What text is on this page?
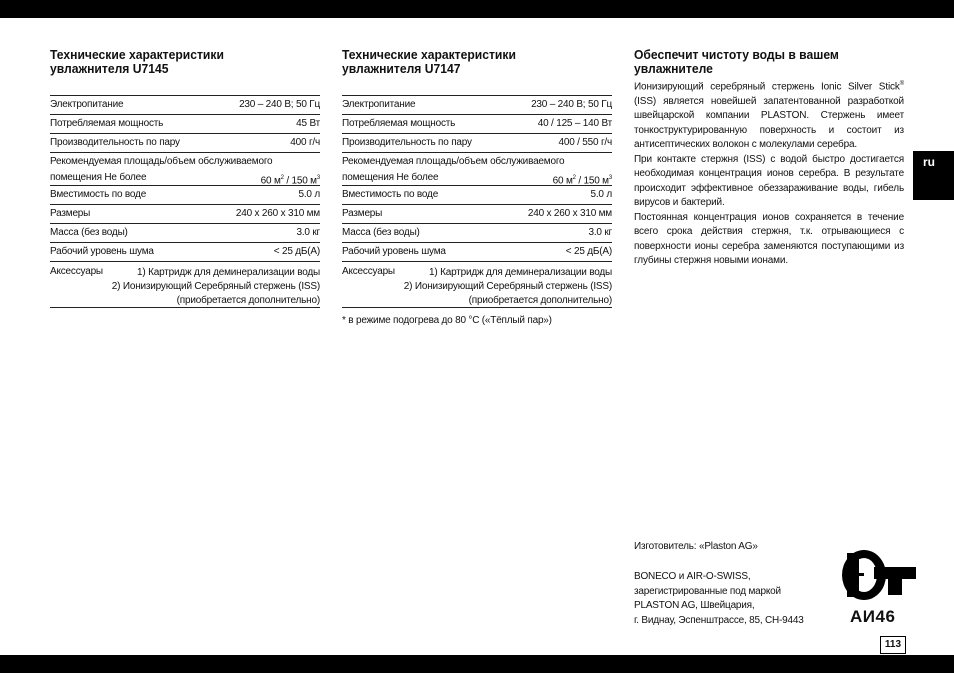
Технические характеристики
увлажнителя U7145
Электропитание	230 – 240 В; 50 Гц
Потребляемая мощность	45 Вт
Производительность по пару	400 г/ч
Рекомендуемая площадь/объем обслуживаемого
помещения Не более	60 $м^2 / 150$ $м^3$
Вместимость по воде	5.0 л
Размеры	240 x 260 x 310 мм
Масса (без воды)	3.0 кг
Рабочий уровень шума	< 25 дБ(А)
Аксессуары	1) Картридж для деминерализации воды
2) Ионизирующий Серебряный стержень (ISS)
(приобретается дополнительно)
Технические характеристики
увлажнителя U7147
Электропитание	230 – 240 В; 50 Гц
Потребляемая мощность	40 / 125 – 140 Вт
Производительность по пару	400 / 550 г/ч
Рекомендуемая площадь/объем обслуживаемого
помещения Не более	60 $м^2 / 150$ $м^3$
Вместимость по воде	5.0 л
Размеры	240 x 260 x 310 мм
Масса (без воды)	3.0 кг
Рабочий уровень шума	< 25 дБ(А)
Аксессуары	1) Картридж для деминерализации воды
2) Ионизирующий Серебряный стержень (ISS)
(приобретается дополнительно)
* в режиме подогрева до 80 °C («Тёплый пар»)
Обеспечит чистоту воды в вашем
увлажнителе

Ионизирующий серебряный стержень Ionic Silver Stick® (ISS) является новейшей запатентованной разработкой швейцарской компании PLASTON. Стержень имеет тонкоструктурированную поверхность и состоит из антисептических волокон с молекулами серебра.

При контакте стержня (ISS) с водой быстро достигается необходимая концентрация ионов серебра. В результате происходит эффективное обеззараживание воды, гибель вирусов и бактерий.

Постоянная концентрация ионов сохраняется в течение всего срока действия стержня, т.к. отрывающиеся с поверхности ионы серебра заменяются поступающими из глубины стержня новыми ионами.

ru
Изготовитель: «Plaston AG»
BONECO и AIR-O-SWISS,
зарегистрированные под маркой
PLASTON AG, Швейцария,
г. Виднау, Эспенштрассе, 85, CH-9443	АИ46
113
